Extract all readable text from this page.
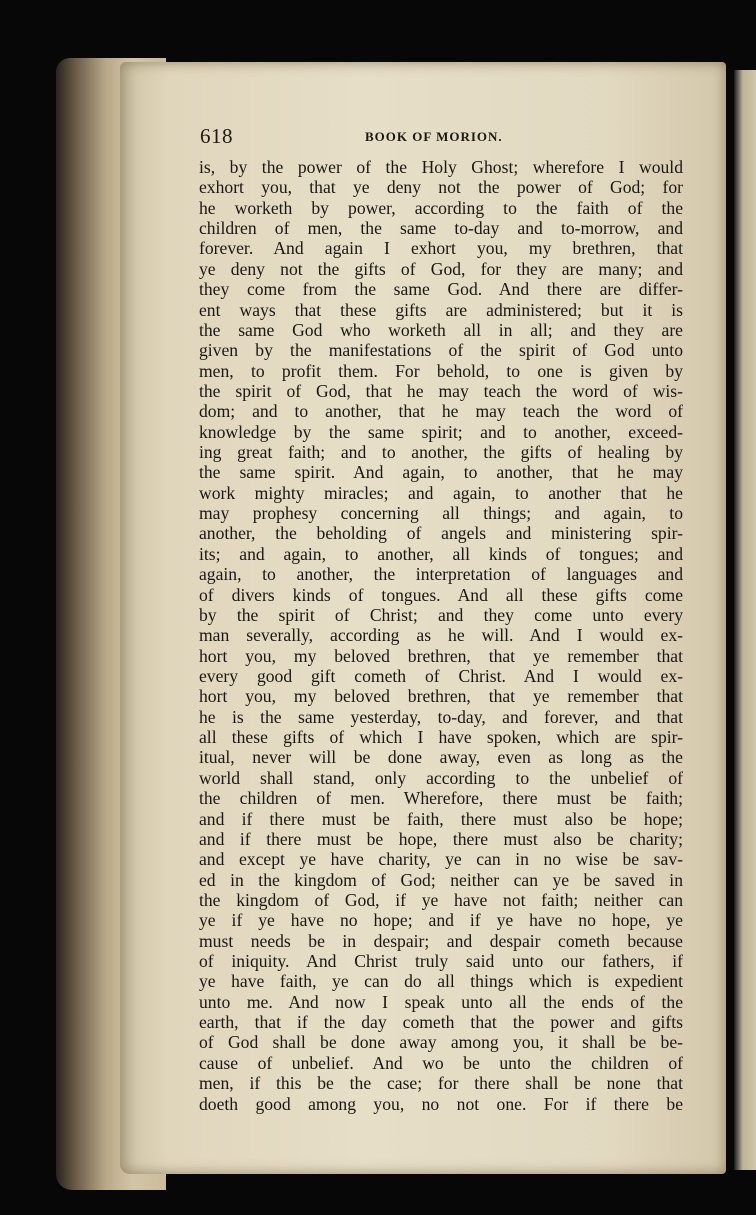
618	BOOK OF MORION.
is, by the power of the Holy Ghost; wherefore I would
exhort you, that ye deny not the power of God; for
he worketh by power, according to the faith of the
children of men, the same to-day and to-morrow, and
forever. And again I exhort you, my brethren, that
ye deny not the gifts of God, for they are many; and
they come from the same God. And there are differ-
ent ways that these gifts are administered; but it is
the same God who worketh all in all; and they are
given by the manifestations of the spirit of God unto
men, to profit them. For behold, to one is given by
the spirit of God, that he may teach the word of wis-
dom; and to another, that he may teach the word of
knowledge by the same spirit; and to another, exceed-
ing great faith; and to another, the gifts of healing by
the same spirit. And again, to another, that he may
work mighty miracles; and again, to another that he
may prophesy concerning all things; and again, to
another, the beholding of angels and ministering spir-
its; and again, to another, all kinds of tongues; and
again, to another, the interpretation of languages and
of divers kinds of tongues. And all these gifts come
by the spirit of Christ; and they come unto every
man severally, according as he will. And I would ex-
hort you, my beloved brethren, that ye remember that
every good gift cometh of Christ. And I would ex-
hort you, my beloved brethren, that ye remember that
he is the same yesterday, to-day, and forever, and that
all these gifts of which I have spoken, which are spir-
itual, never will be done away, even as long as the
world shall stand, only according to the unbelief of
the children of men. Wherefore, there must be faith;
and if there must be faith, there must also be hope;
and if there must be hope, there must also be charity;
and except ye have charity, ye can in no wise be sav-
ed in the kingdom of God; neither can ye be saved in
the kingdom of God, if ye have not faith; neither can
ye if ye have no hope; and if ye have no hope, ye
must needs be in despair; and despair cometh because
of iniquity. And Christ truly said unto our fathers, if
ye have faith, ye can do all things which is expedient
unto me. And now I speak unto all the ends of the
earth, that if the day cometh that the power and gifts
of God shall be done away among you, it shall be be-
cause of unbelief. And wo be unto the children of
men, if this be the case; for there shall be none that
doeth good among you, no not one. For if there be
